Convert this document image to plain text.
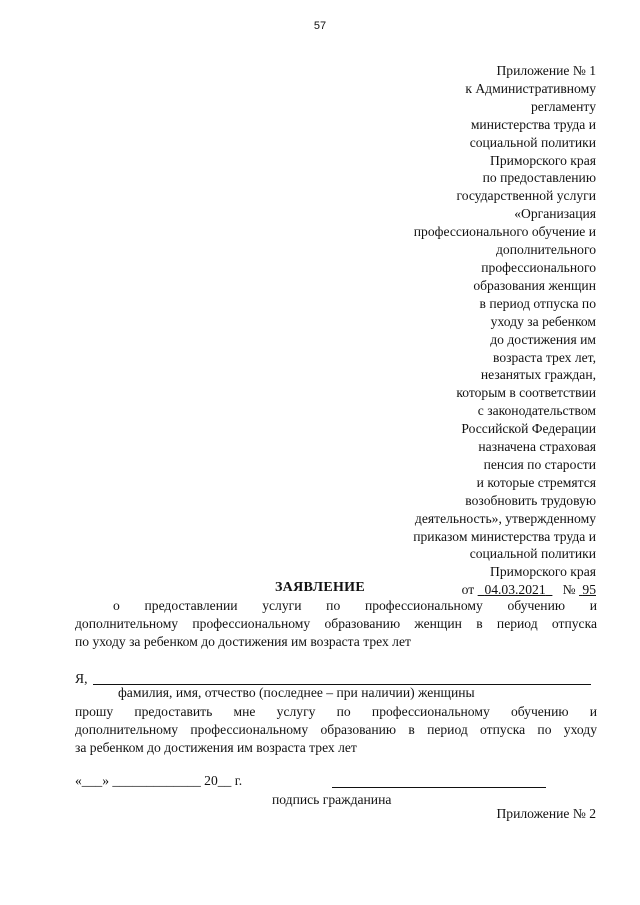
57
Приложение № 1
к Административному
регламенту
министерства труда и
социальной политики
Приморского края
по предоставлению
государственной услуги
«Организация
профессионального обучение и
дополнительного
профессионального
образования женщин
в период отпуска по
уходу за ребенком
до достижения им
возраста трех лет,
незанятых граждан,
которым в соответствии
с законодательством
Российской Федерации
назначена страховая
пенсия по старости
и которые стремятся
возобновить трудовую
деятельность», утвержденному
приказом министерства труда и
социальной политики
Приморского края
от 04.03.2021 № 95
ЗАЯВЛЕНИЕ
о предоставлении услуги по профессиональному обучению и
дополнительному профессиональному образованию женщин в период отпуска
по уходу за ребенком до достижения им возраста трех лет
Я,
фамилия, имя, отчество (последнее – при наличии) женщины
прошу предоставить мне услугу по профессиональному обучению и
дополнительному профессиональному образованию в период отпуска по уходу
за ребенком до достижения им возраста трех лет
«___» _____________ 20__ г.
подпись гражданина
Приложение № 2
